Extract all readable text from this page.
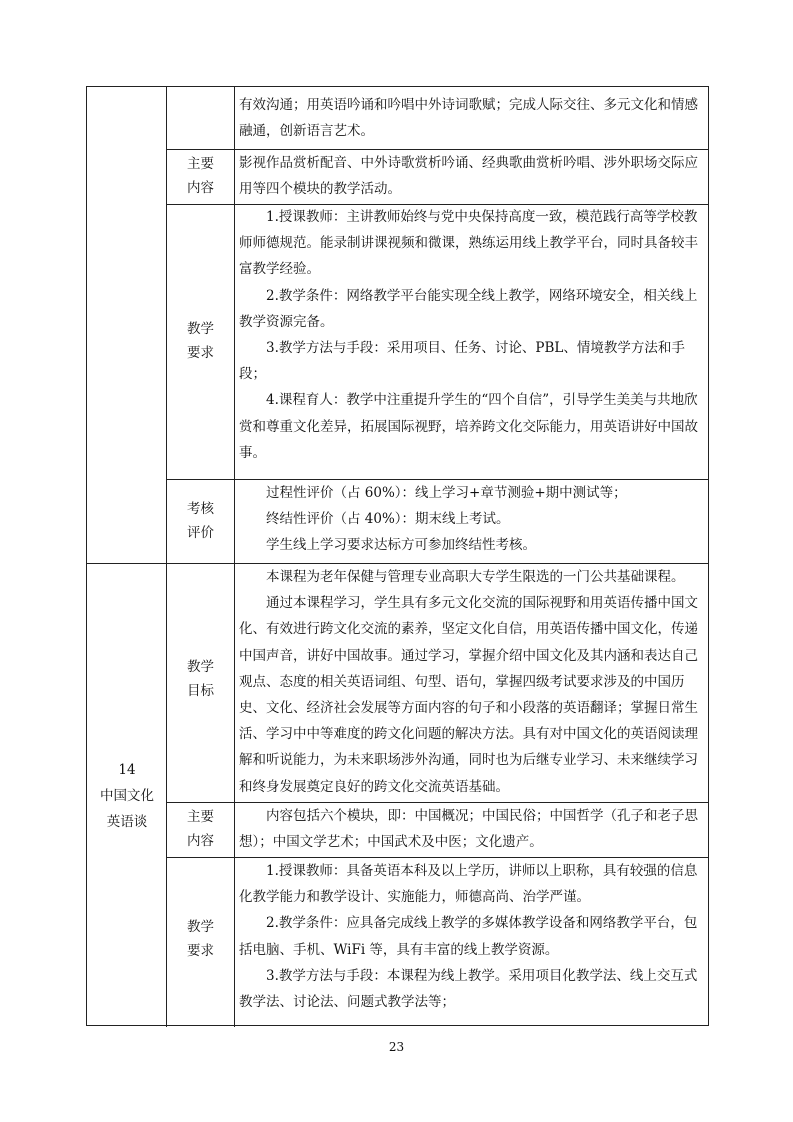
有效沟通；用英语吟诵和吟唱中外诗词歌赋；完成人际交往、多元文化和情感融通，创新语言艺术。

主要
内容

影视作品赏析配音、中外诗歌赏析吟诵、经典歌曲赏析吟唱、涉外职场交际应用等四个模块的教学活动。

教学
要求

1.授课教师：主讲教师始终与党中央保持高度一致，模范践行高等学校教师师德规范。能录制讲课视频和微课，熟练运用线上教学平台，同时具备较丰富教学经验。

2.教学条件：网络教学平台能实现全线上教学，网络环境安全，相关线上教学资源完备。

3.教学方法与手段：采用项目、任务、讨论、PBL、情境教学方法和手段；

4.课程育人：教学中注重提升学生的“四个自信”，引导学生美美与共地欣赏和尊重文化差异，拓展国际视野，培养跨文化交际能力，用英语讲好中国故事。

考核
评价

过程性评价（占 60%）：线上学习+章节测验+期中测试等；

终结性评价（占 40%）：期末线上考试。

学生线上学习要求达标方可参加终结性考核。

14
中国文化
英语谈
教学
目标

本课程为老年保健与管理专业高职大专学生限选的一门公共基础课程。

通过本课程学习，学生具有多元文化交流的国际视野和用英语传播中国文化、有效进行跨文化交流的素养，坚定文化自信，用英语传播中国文化，传递中国声音，讲好中国故事。通过学习，掌握介绍中国文化及其内涵和表达自己观点、态度的相关英语词组、句型、语句，掌握四级考试要求涉及的中国历史、文化、经济社会发展等方面内容的句子和小段落的英语翻译；掌握日常生活、学习中中等难度的跨文化问题的解决方法。具有对中国文化的英语阅读理解和听说能力，为未来职场涉外沟通，同时也为后继专业学习、未来继续学习和终身发展奠定良好的跨文化交流英语基础。

主要
内容

内容包括六个模块，即：中国概况；中国民俗；中国哲学（孔子和老子思想）；中国文学艺术；中国武术及中医；文化遗产。

教学
要求

1.授课教师：具备英语本科及以上学历，讲师以上职称，具有较强的信息化教学能力和教学设计、实施能力，师德高尚、治学严谨。

2.教学条件：应具备完成线上教学的多媒体教学设备和网络教学平台，包括电脑、手机、WiFi 等，具有丰富的线上教学资源。

3.教学方法与手段：本课程为线上教学。采用项目化教学法、线上交互式教学法、讨论法、问题式教学法等；

23
